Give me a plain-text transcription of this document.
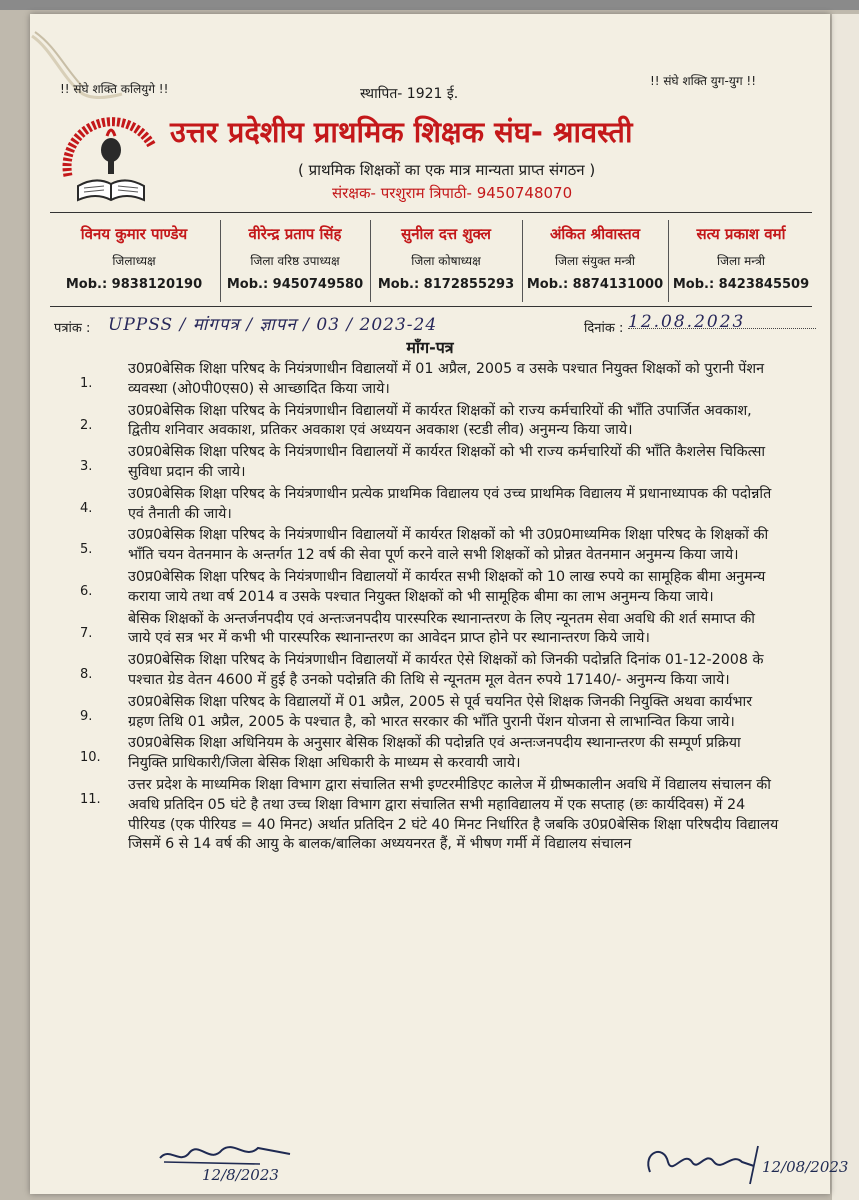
!! संघे शक्ति कलियुगे !!	स्थापित- 1921 ई.
!! संघे शक्ति युग-युग !!
उत्तर प्रदेशीय प्राथमिक शिक्षक संघ- श्रावस्ती
( प्राथमिक शिक्षकों का एक मात्र मान्यता प्राप्त संगठन )
संरक्षक- परशुराम त्रिपाठी- 9450748070
विनय कुमार पाण्डेय
जिलाध्यक्ष
Mob.: 9838120190
वीरेन्द्र प्रताप सिंह
जिला वरिष्ठ उपाध्यक्ष
Mob.: 9450749580
सुनील दत्त शुक्ल
जिला कोषाध्यक्ष
Mob.: 8172855293
अंकित श्रीवास्तव
जिला संयुक्त मन्त्री
Mob.: 8874131000
सत्य प्रकाश वर्मा
जिला मन्त्री
Mob.: 8423845509
पत्रांक : UPPSS / मांगपत्र / ज्ञापन / 03 / 2023-24	दिनांक : 12.08.2023
माँग-पत्र
1.
उ0प्र0बेसिक शिक्षा परिषद के नियंत्रणाधीन विद्यालयों में 01 अप्रैल, 2005 व उसके पश्चात नियुक्त शिक्षकों को पुरानी पेंशन व्यवस्था (ओ0पी0एस0) से आच्छादित किया जाये।
2.
उ0प्र0बेसिक शिक्षा परिषद के नियंत्रणाधीन विद्यालयों में कार्यरत शिक्षकों को राज्य कर्मचारियों की भाँति उपार्जित अवकाश, द्वितीय शनिवार अवकाश, प्रतिकर अवकाश एवं अध्ययन अवकाश (स्टडी लीव) अनुमन्य किया जाये।
3.
उ0प्र0बेसिक शिक्षा परिषद के नियंत्रणाधीन विद्यालयों में कार्यरत शिक्षकों को भी राज्य कर्मचारियों की भाँति कैशलेस चिकित्सा सुविधा प्रदान की जाये।
4.
उ0प्र0बेसिक शिक्षा परिषद के नियंत्रणाधीन प्रत्येक प्राथमिक विद्यालय एवं उच्च प्राथमिक विद्यालय में प्रधानाध्यापक की पदोन्नति एवं तैनाती की जाये।
5.
उ0प्र0बेसिक शिक्षा परिषद के नियंत्रणाधीन विद्यालयों में कार्यरत शिक्षकों को भी उ0प्र0माध्यमिक शिक्षा परिषद के शिक्षकों की भाँति चयन वेतनमान के अन्तर्गत 12 वर्ष की सेवा पूर्ण करने वाले सभी शिक्षकों को प्रोन्नत वेतनमान अनुमन्य किया जाये।
6.
उ0प्र0बेसिक शिक्षा परिषद के नियंत्रणाधीन विद्यालयों में कार्यरत सभी शिक्षकों को 10 लाख रुपये का सामूहिक बीमा अनुमन्य कराया जाये तथा वर्ष 2014 व उसके पश्चात नियुक्त शिक्षकों को भी सामूहिक बीमा का लाभ अनुमन्य किया जाये।
7.
बेसिक शिक्षकों के अन्तर्जनपदीय एवं अन्तःजनपदीय पारस्परिक स्थानान्तरण के लिए न्यूनतम सेवा अवधि की शर्त समाप्त की जाये एवं सत्र भर में कभी भी पारस्परिक स्थानान्तरण का आवेदन प्राप्त होने पर स्थानान्तरण किये जाये।
8.
उ0प्र0बेसिक शिक्षा परिषद के नियंत्रणाधीन विद्यालयों में कार्यरत ऐसे शिक्षकों को जिनकी पदोन्नति दिनांक 01-12-2008 के पश्चात ग्रेड वेतन 4600 में हुई है उनको पदोन्नति की तिथि से न्यूनतम मूल वेतन रुपये 17140/- अनुमन्य किया जाये।
9.
उ0प्र0बेसिक शिक्षा परिषद के विद्यालयों में 01 अप्रैल, 2005 से पूर्व चयनित ऐसे शिक्षक जिनकी नियुक्ति अथवा कार्यभार ग्रहण तिथि 01 अप्रैल, 2005 के पश्चात है, को भारत सरकार की भाँति पुरानी पेंशन योजना से लाभान्वित किया जाये।
10.
उ0प्र0बेसिक शिक्षा अधिनियम के अनुसार बेसिक शिक्षकों की पदोन्नति एवं अन्तःजनपदीय स्थानान्तरण की सम्पूर्ण प्रक्रिया नियुक्ति प्राधिकारी/जिला बेसिक शिक्षा अधिकारी के माध्यम से करवायी जाये।
11.
उत्तर प्रदेश के माध्यमिक शिक्षा विभाग द्वारा संचालित सभी इण्टरमीडिएट कालेज में ग्रीष्मकालीन अवधि में विद्यालय संचालन की अवधि प्रतिदिन 05 घंटे है तथा उच्च शिक्षा विभाग द्वारा संचालित सभी महाविद्यालय में एक सप्ताह (छः कार्यदिवस) में 24 पीरियड (एक पीरियड = 40 मिनट) अर्थात प्रतिदिन 2 घंटे 40 मिनट निर्धारित है जबकि उ0प्र0बेसिक शिक्षा परिषदीय विद्यालय जिसमें 6 से 14 वर्ष की आयु के बालक/बालिका अध्ययनरत हैं, में भीषण गर्मी में विद्यालय संचालन
12/8/2023	12/08/2023
